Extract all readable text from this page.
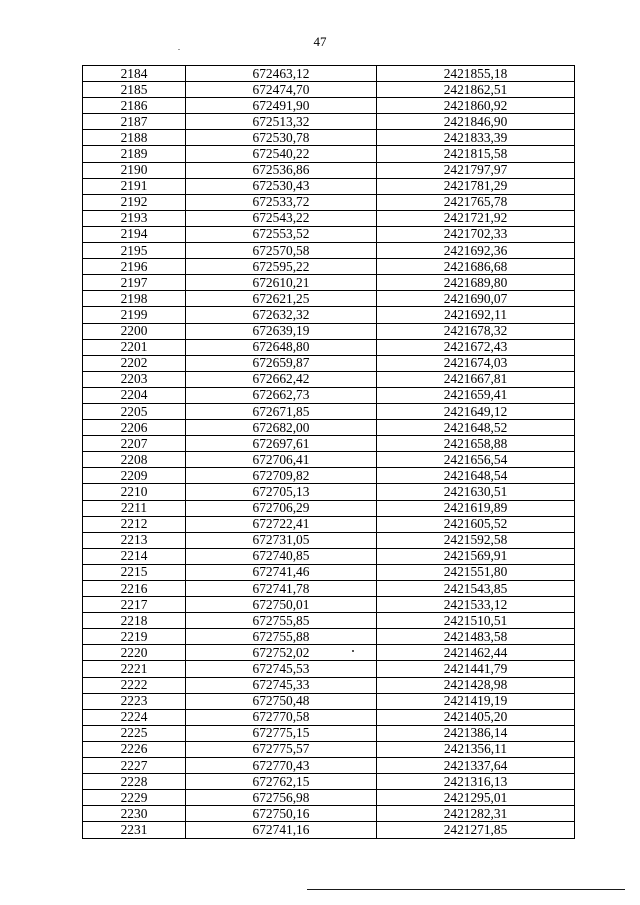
47
2184	672463,12	2421855,18
2185	672474,70	2421862,51
2186	672491,90	2421860,92
2187	672513,32	2421846,90
2188	672530,78	2421833,39
2189	672540,22	2421815,58
2190	672536,86	2421797,97
2191	672530,43	2421781,29
2192	672533,72	2421765,78
2193	672543,22	2421721,92
2194	672553,52	2421702,33
2195	672570,58	2421692,36
2196	672595,22	2421686,68
2197	672610,21	2421689,80
2198	672621,25	2421690,07
2199	672632,32	2421692,11
2200	672639,19	2421678,32
2201	672648,80	2421672,43
2202	672659,87	2421674,03
2203	672662,42	2421667,81
2204	672662,73	2421659,41
2205	672671,85	2421649,12
2206	672682,00	2421648,52
2207	672697,61	2421658,88
2208	672706,41	2421656,54
2209	672709,82	2421648,54
2210	672705,13	2421630,51
2211	672706,29	2421619,89
2212	672722,41	2421605,52
2213	672731,05	2421592,58
2214	672740,85	2421569,91
2215	672741,46	2421551,80
2216	672741,78	2421543,85
2217	672750,01	2421533,12
2218	672755,85	2421510,51
2219	672755,88	2421483,58
2220	672752,02	2421462,44
2221	672745,53	2421441,79
2222	672745,33	2421428,98
2223	672750,48	2421419,19
2224	672770,58	2421405,20
2225	672775,15	2421386,14
2226	672775,57	2421356,11
2227	672770,43	2421337,64
2228	672762,15	2421316,13
2229	672756,98	2421295,01
2230	672750,16	2421282,31
2231	672741,16	2421271,85
